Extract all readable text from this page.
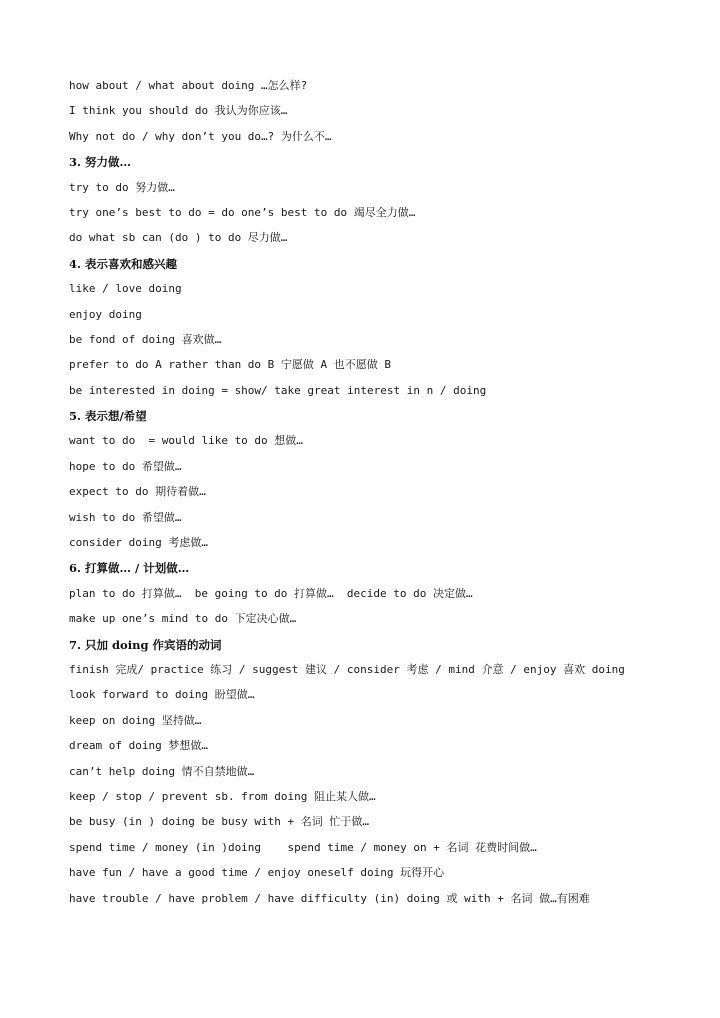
how about / what about doing …怎么样?
I think you should do 我认为你应该…
Why not do / why don’t you do…? 为什么不…
3. 努力做…
try to do 努力做…
try one’s best to do = do one’s best to do 竭尽全力做…
do what sb can (do ) to do 尽力做…
4. 表示喜欢和感兴趣
like / love doing
enjoy doing
be fond of doing 喜欢做…
prefer to do A rather than do B 宁愿做 A 也不愿做 B
be interested in doing = show/ take great interest in n / doing
5. 表示想/希望
want to do  = would like to do 想做…
hope to do 希望做…
expect to do 期待着做…
wish to do 希望做…
consider doing 考虑做…
6. 打算做… / 计划做…
plan to do 打算做…  be going to do 打算做…  decide to do 决定做…
make up one’s mind to do 下定决心做…
7. 只加 doing 作宾语的动词
finish 完成/ practice 练习 / suggest 建议 / consider 考虑 / mind 介意 / enjoy 喜欢 doing
look forward to doing 盼望做…
keep on doing 坚持做…
dream of doing 梦想做…
can’t help doing 情不自禁地做…
keep / stop / prevent sb. from doing 阻止某人做…
be busy (in ) doing be busy with + 名词 忙于做…
spend time / money (in )doing    spend time / money on + 名词 花费时间做…
have fun / have a good time / enjoy oneself doing 玩得开心
have trouble / have problem / have difficulty (in) doing 或 with + 名词 做…有困难
